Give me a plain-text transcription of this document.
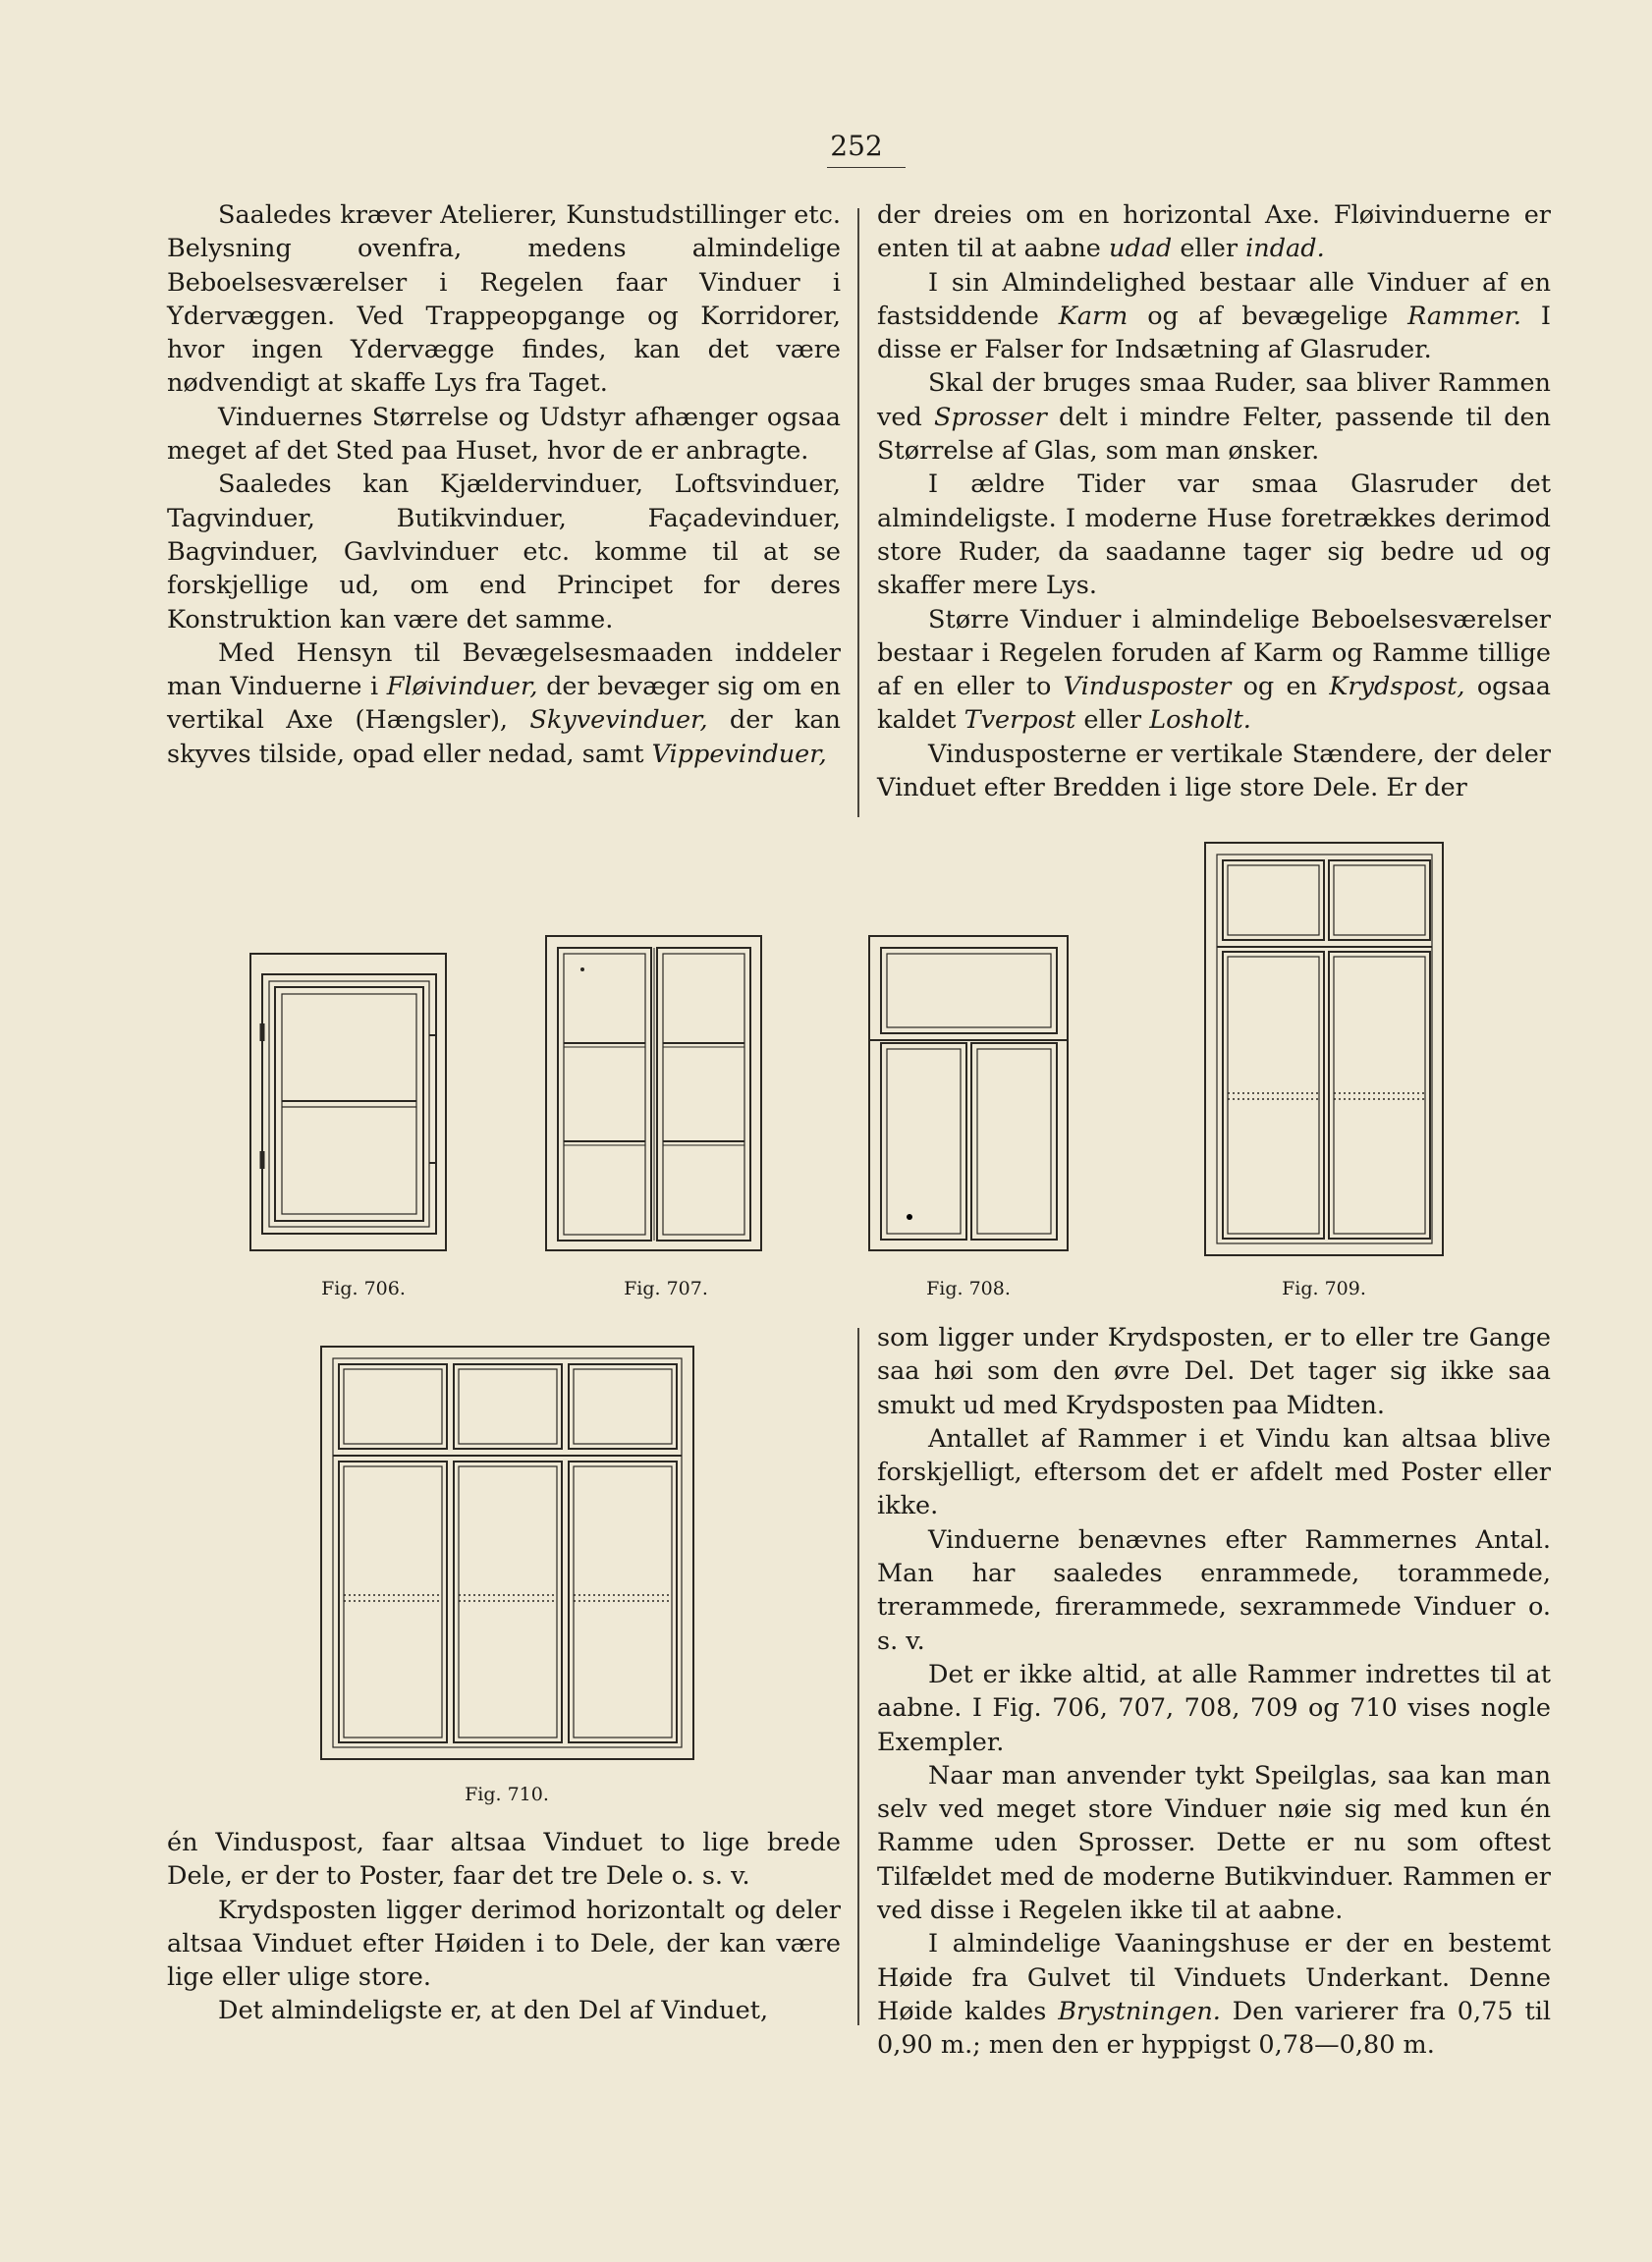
252

Saaledes kræver Atelierer, Kunstudstillinger etc. Belysning ovenfra, medens almindelige Beboelsesværelser i Regelen faar Vinduer i Ydervæggen. Ved Trappeopgange og Korridorer, hvor ingen Ydervægge findes, kan det være nødvendigt at skaffe Lys fra Taget.

Vinduernes Størrelse og Udstyr afhænger ogsaa meget af det Sted paa Huset, hvor de er anbragte.

Saaledes kan Kjældervinduer, Loftsvinduer, Tagvinduer, Butikvinduer, Façadevinduer, Bagvinduer, Gavlvinduer etc. komme til at se forskjellige ud, om end Principet for deres Konstruktion kan være det samme.

Med Hensyn til Bevægelsesmaaden inddeler man Vinduerne i Fløivinduer, der bevæger sig om en vertikal Axe (Hængsler), Skyvevinduer, der kan skyves tilside, opad eller nedad, samt Vippevinduer,

der dreies om en horizontal Axe. Fløivinduerne er enten til at aabne udad eller indad.

I sin Almindelighed bestaar alle Vinduer af en fastsiddende Karm og af bevægelige Rammer. I disse er Falser for Indsætning af Glasruder.

Skal der bruges smaa Ruder, saa bliver Rammen ved Sprosser delt i mindre Felter, passende til den Størrelse af Glas, som man ønsker.

I ældre Tider var smaa Glasruder det almindeligste. I moderne Huse foretrækkes derimod store Ruder, da saadanne tager sig bedre ud og skaffer mere Lys.

Større Vinduer i almindelige Beboelsesværelser bestaar i Regelen foruden af Karm og Ramme tillige af en eller to Vindusposter og en Krydspost, ogsaa kaldet Tverpost eller Losholt.

Vindusposterne er vertikale Stændere, der deler Vinduet efter Bredden i lige store Dele. Er der

Fig. 706.	Fig. 707.	Fig. 708.	Fig. 709.
Fig. 710.

én Vinduspost, faar altsaa Vinduet to lige brede Dele, er der to Poster, faar det tre Dele o. s. v.

Krydsposten ligger derimod horizontalt og deler altsaa Vinduet efter Høiden i to Dele, der kan være lige eller ulige store.

Det almindeligste er, at den Del af Vinduet,

som ligger under Krydsposten, er to eller tre Gange saa høi som den øvre Del. Det tager sig ikke saa smukt ud med Krydsposten paa Midten.

Antallet af Rammer i et Vindu kan altsaa blive forskjelligt, eftersom det er afdelt med Poster eller ikke.

Vinduerne benævnes efter Rammernes Antal. Man har saaledes enrammede, torammede, trerammede, firerammede, sexrammede Vinduer o. s. v.

Det er ikke altid, at alle Rammer indrettes til at aabne. I Fig. 706, 707, 708, 709 og 710 vises nogle Exempler.

Naar man anvender tykt Speilglas, saa kan man selv ved meget store Vinduer nøie sig med kun én Ramme uden Sprosser. Dette er nu som oftest Tilfældet med de moderne Butikvinduer. Rammen er ved disse i Regelen ikke til at aabne.

I almindelige Vaaningshuse er der en bestemt Høide fra Gulvet til Vinduets Underkant. Denne Høide kaldes Brystningen. Den varierer fra 0,75 til 0,90 m.; men den er hyppigst 0,78—0,80 m.
